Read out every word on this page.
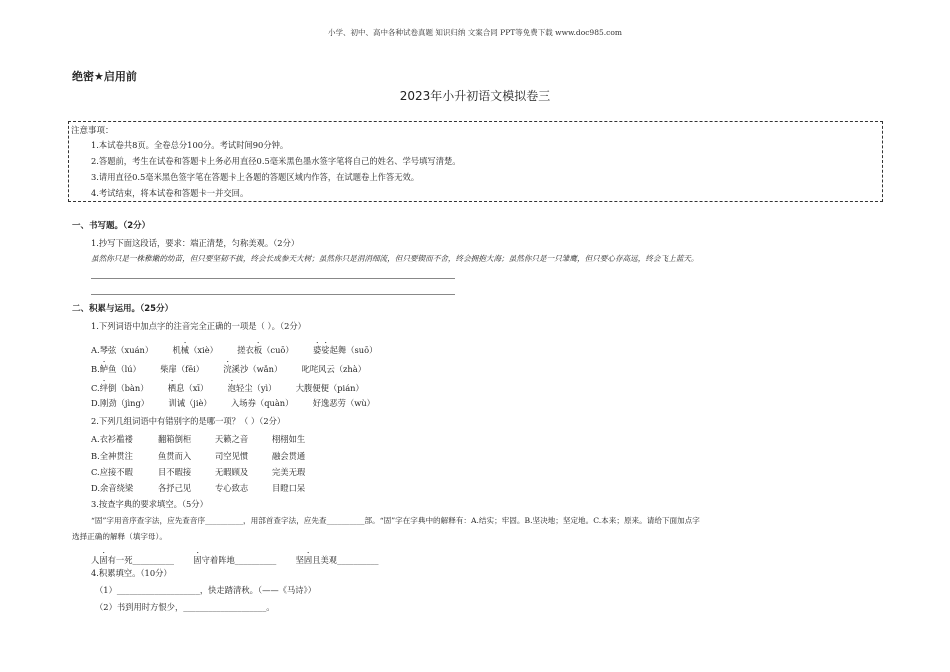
小学、初中、高中各种试卷真题 知识归纳 文案合同 PPT等免费下载 www.doc985.com
绝密★启用前
2023年小升初语文模拟卷三
注意事项：
1.本试卷共8页。全卷总分100分。考试时间90分钟。
2.答题前，考生在试卷和答题卡上务必用直径0.5毫米黑色墨水签字笔将自己的姓名、学号填写清楚。
3.请用直径0.5毫米黑色签字笔在答题卡上各题的答题区域内作答，在试题卷上作答无效。
4.考试结束，将本试卷和答题卡一并交回。
一、书写题。（2分）
1.抄写下面这段话，要求：端正清楚，匀称美观。（2分）
虽然你只是一株稚嫩的幼苗，但只要坚韧不拔，终会长成参天大树；虽然你只是涓涓细流，但只要锲而不舍，终会拥抱大海；虽然你只是一只雏鹰，但只要心存高远，终会飞上蓝天。
二、积累与运用。（25分）
1.下列词语中加点字的注音完全正确的一项是（ ）。（2分）
A.琴弦（xuán） 机械（xiè） 搓衣板（cuō） 婆娑起舞（suō）
B.鲈鱼（lú） 柴扉（fēi） 浣溪沙（wǎn） 叱咤风云（zhà）
C.绊倒（bàn） 栖息（xī） 泡轻尘（yì） 大腹便便（pián）
D.刚劲（jìng） 训诫（jiè） 入场券（quàn） 好逸恶劳（wù）
2.下列几组词语中有错别字的是哪一项？（ ）（2分）
A.衣衫褴褛	翻箱倒柜	天籁之音	栩栩如生
B.全神贯注	鱼贯而入	司空见惯	融会贯通
C.应接不暇	目不暇接	无暇顾及	完美无瑕
D.余音绕梁	各抒己见	专心致志	目瞪口呆
3.按查字典的要求填空。（5分）
“固”字用音序查字法，应先查音序__________，用部首查字法，应先查__________部。“固”字在字典中的解释有：A.结实；牢固。B.坚决地；坚定地。C.本来；原来。请给下面加点字
选择正确的解释（填字母）。
人固有一死__________ 固守着阵地__________ 坚固且美观__________
4.积累填空。（10分）
（1）____________________，快走踏清秋。（——《马诗》）
（2）书到用时方恨少，____________________。
